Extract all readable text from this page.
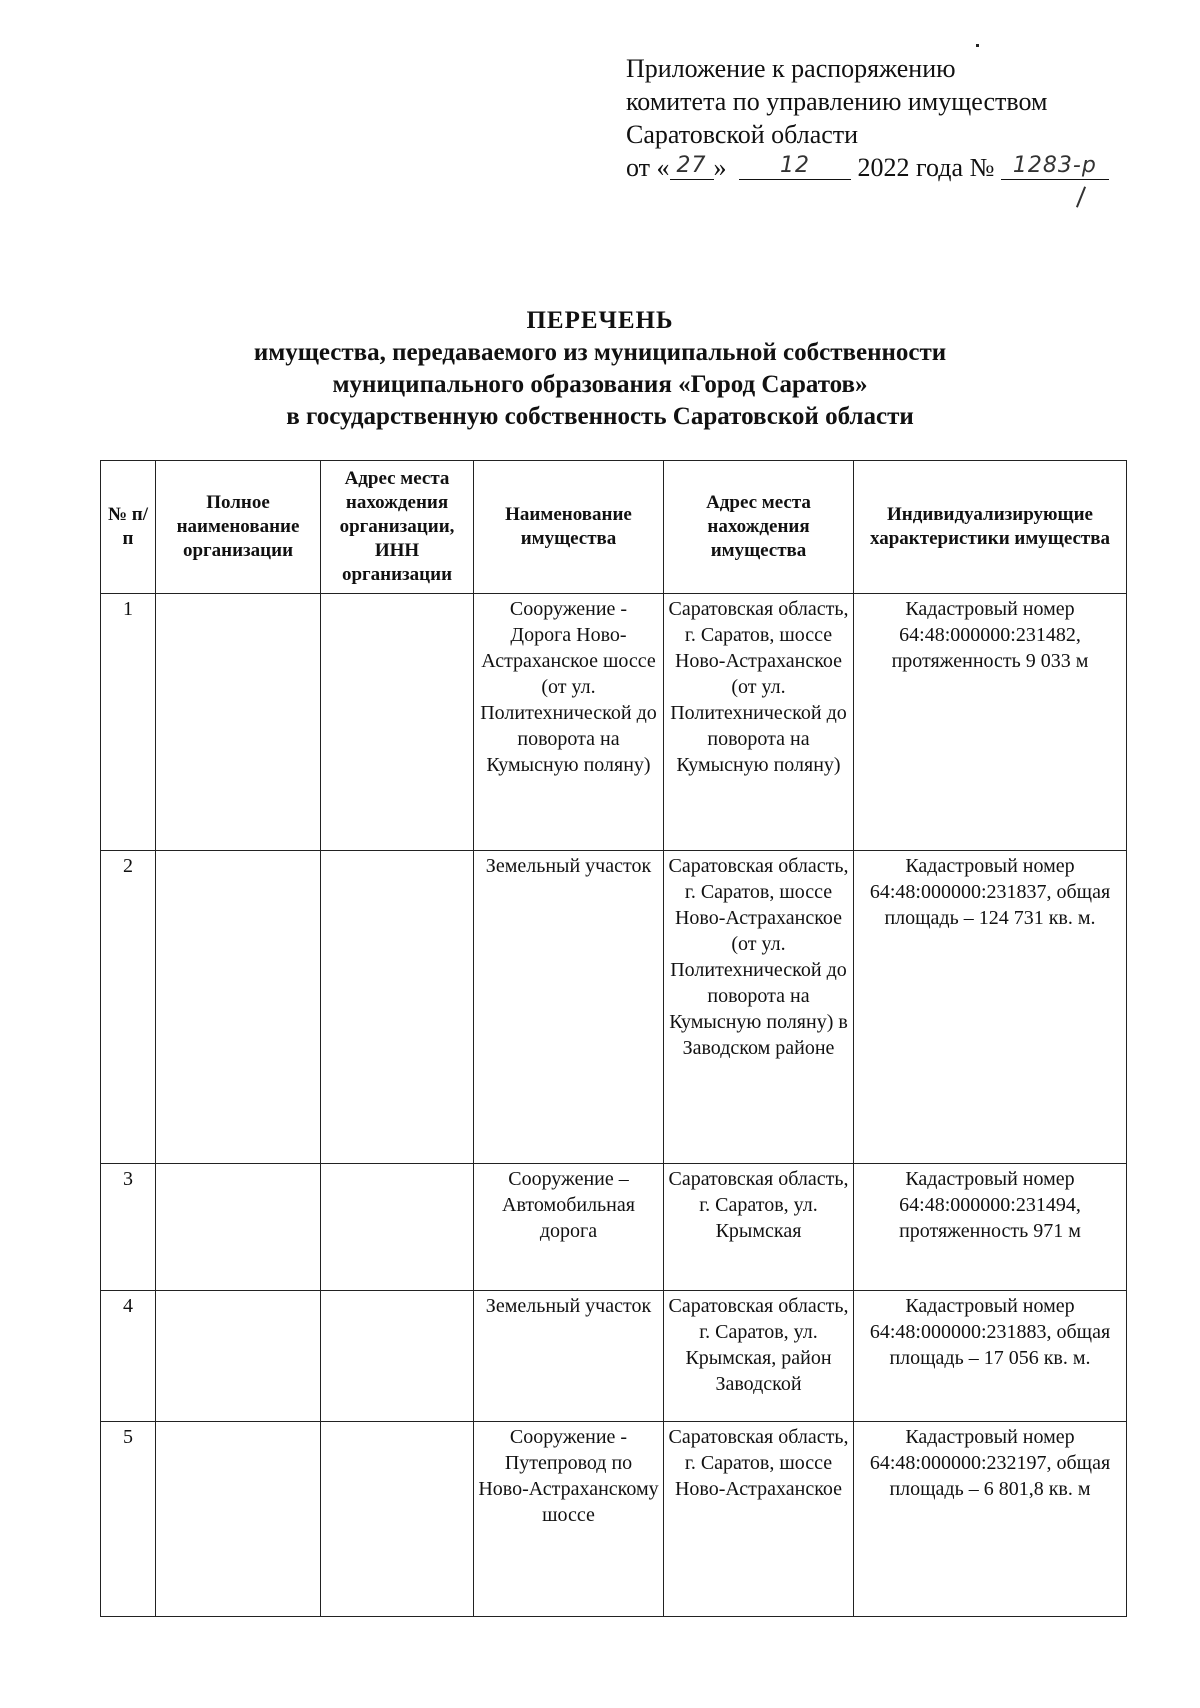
Приложение к распоряжению
комитета по управлению имуществом
Саратовской области
от « 27 » 12 2022 года № 1283-р
ПЕРЕЧЕНЬ
имущества, передаваемого из муниципальной собственности
муниципального образования «Город Саратов»
в государственную собственность Саратовской области
№ п/п	Полное наименование организации	Адрес места нахождения организации, ИНН организации	Наименование имущества	Адрес места нахождения имущества	Индивидуализирующие характеристики имущества
1			Сооружение - Дорога Ново-Астраханское шоссе (от ул. Политехнической до поворота на Кумысную поляну)	Саратовская область, г. Саратов, шоссе Ново-Астраханское (от ул. Политехнической до поворота на Кумысную поляну)	Кадастровый номер 64:48:000000:231482, протяженность 9 033 м
2			Земельный участок	Саратовская область, г. Саратов, шоссе Ново-Астраханское (от ул. Политехнической до поворота на Кумысную поляну) в Заводском районе	Кадастровый номер 64:48:000000:231837, общая площадь – 124 731 кв. м.
3			Сооружение – Автомобильная дорога	Саратовская область, г. Саратов, ул. Крымская	Кадастровый номер 64:48:000000:231494, протяженность 971 м
4			Земельный участок	Саратовская область, г. Саратов, ул. Крымская, район Заводской	Кадастровый номер 64:48:000000:231883, общая площадь – 17 056 кв. м.
5			Сооружение - Путепровод по Ново-Астраханскому шоссе	Саратовская область, г. Саратов, шоссе Ново-Астраханское	Кадастровый номер 64:48:000000:232197, общая площадь – 6 801,8 кв. м
